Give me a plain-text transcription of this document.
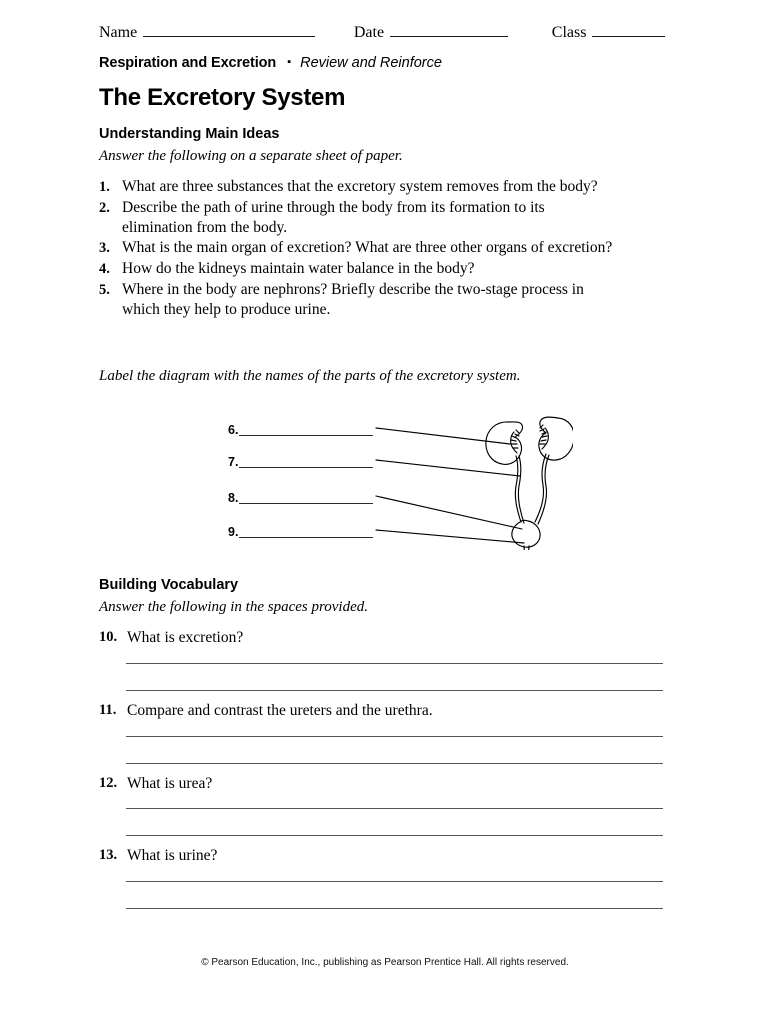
Name	Date	Class
Respiration and Excretion ▪ Review and Reinforce
The Excretory System
Understanding Main Ideas
Answer the following on a separate sheet of paper.
1. What are three substances that the excretory system removes from the body?
2. Describe the path of urine through the body from its formation to its elimination from the body.
3. What is the main organ of excretion? What are three other organs of excretion?
4. How do the kidneys maintain water balance in the body?
5. Where in the body are nephrons? Briefly describe the two-stage process in which they help to produce urine.
Label the diagram with the names of the parts of the excretory system.
6.
7.
8.
9.
Building Vocabulary
Answer the following in the spaces provided.
10. What is excretion?
11. Compare and contrast the ureters and the urethra.
12. What is urea?
13. What is urine?
© Pearson Education, Inc., publishing as Pearson Prentice Hall. All rights reserved.
